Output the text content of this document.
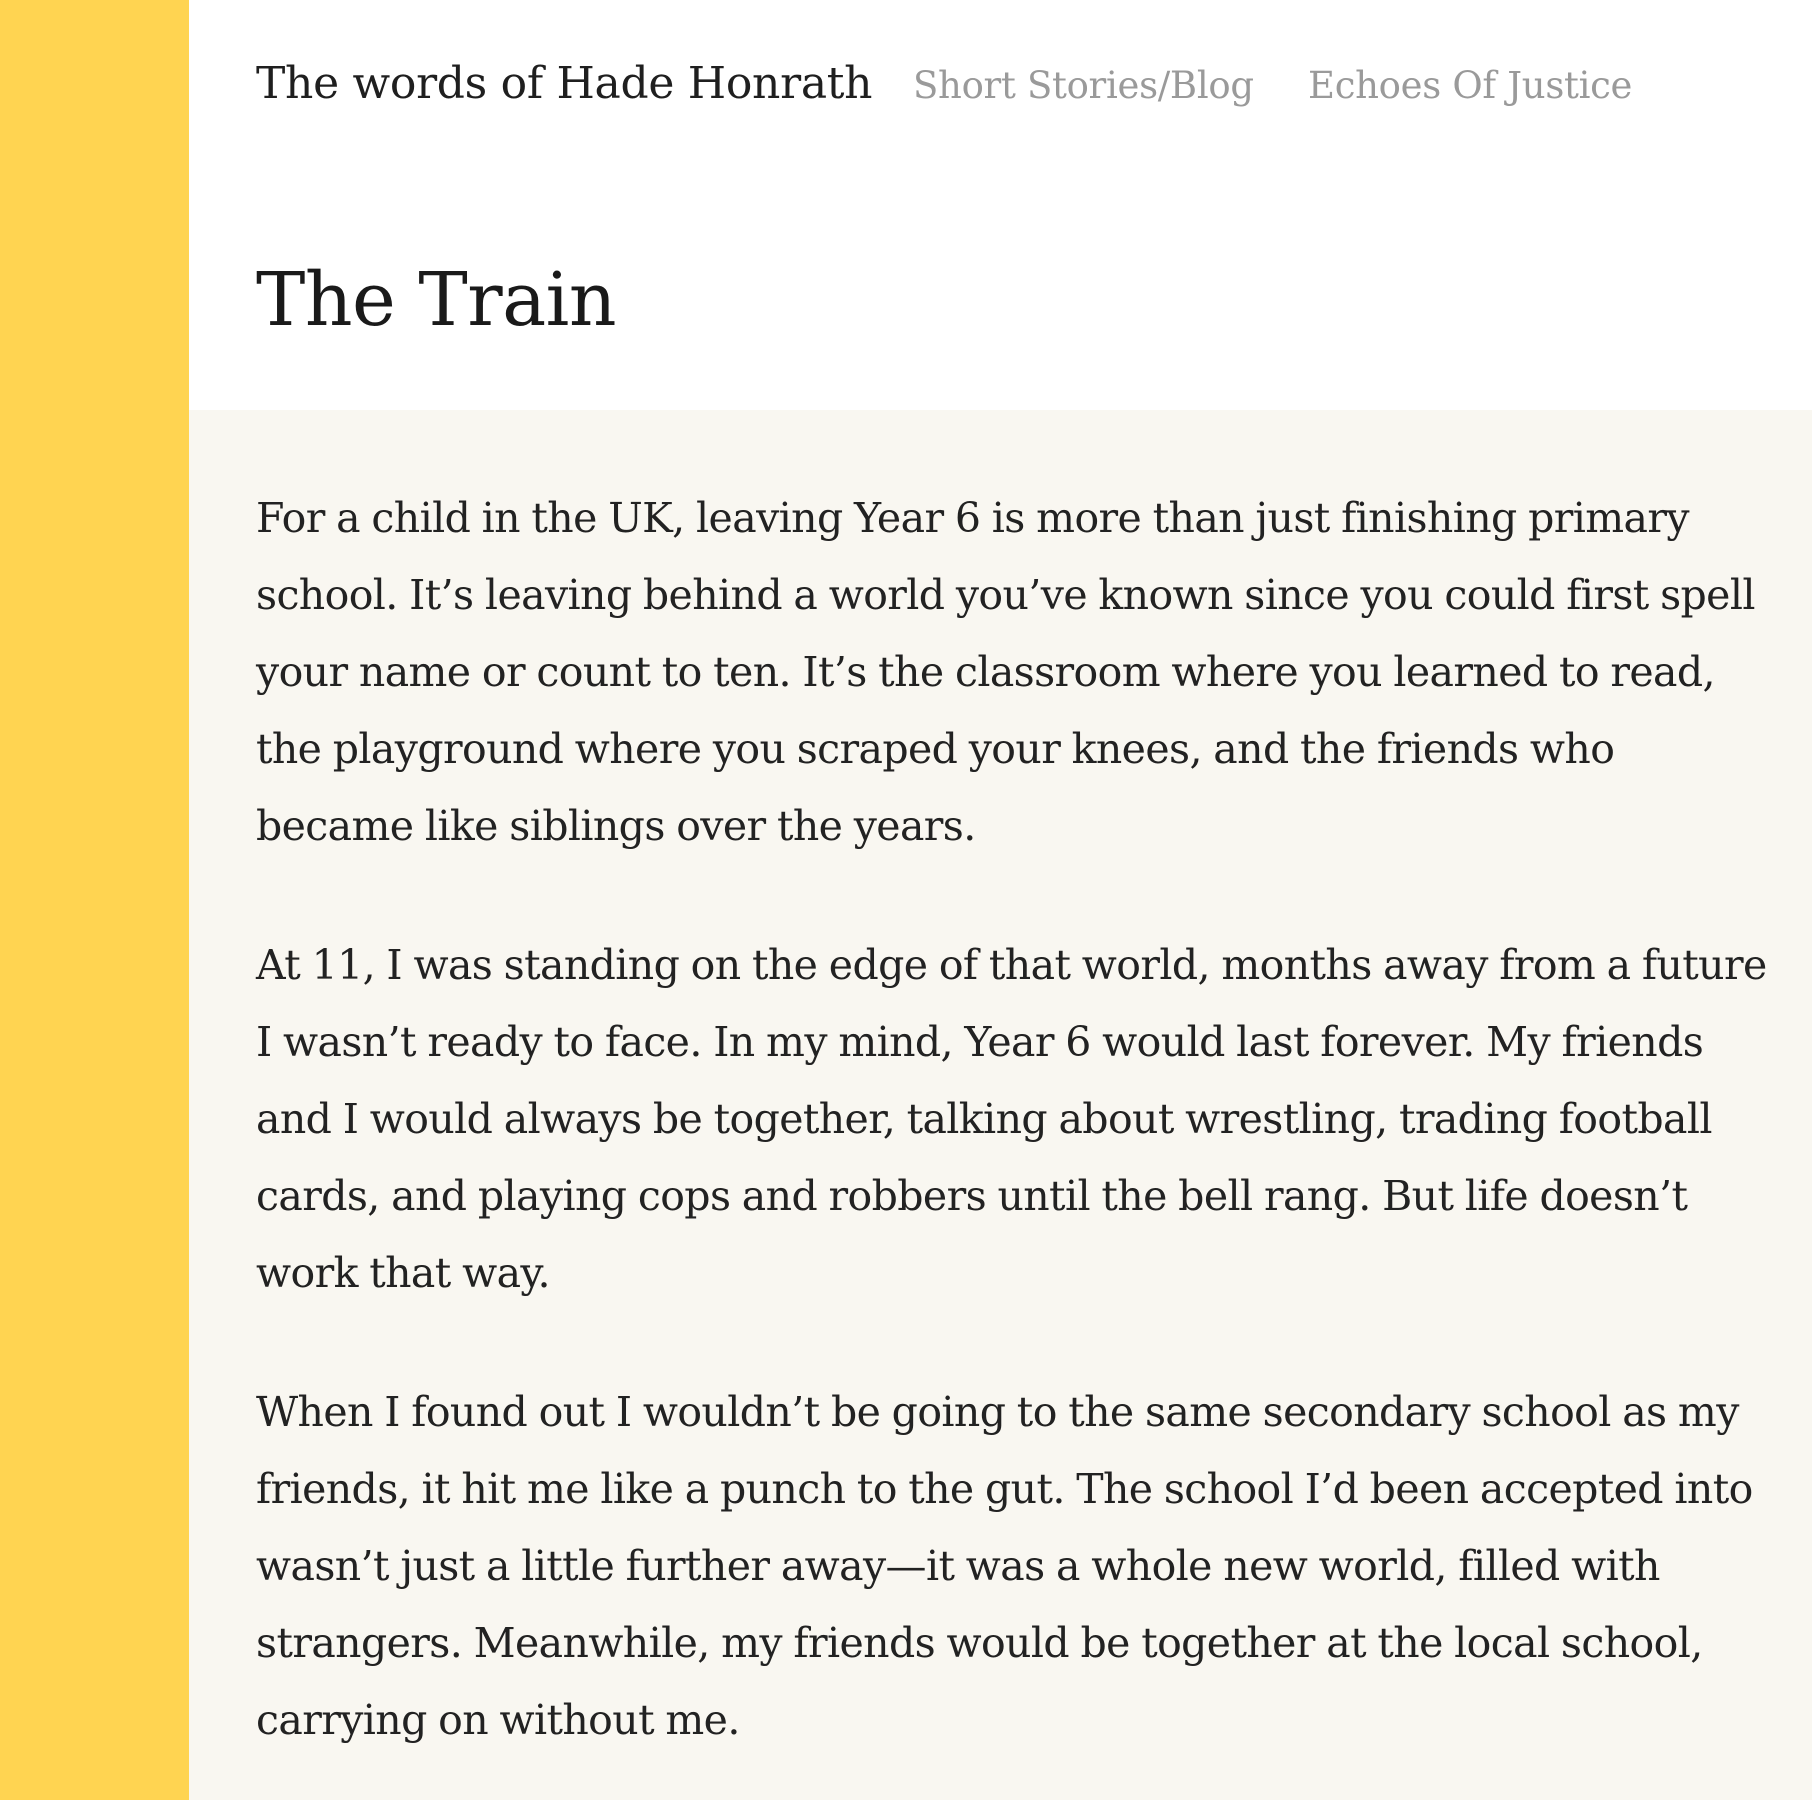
The words of Hade Honrath Short Stories/Blog Echoes Of Justice
The Train

For a child in the UK, leaving Year 6 is more than just finishing primary school. It’s leaving behind a world you’ve known since you could first spell your name or count to ten. It’s the classroom where you learned to read, the playground where you scraped your knees, and the friends who became like siblings over the years.

At 11, I was standing on the edge of that world, months away from a future I wasn’t ready to face. In my mind, Year 6 would last forever. My friends and I would always be together, talking about wrestling, trading football cards, and playing cops and robbers until the bell rang. But life doesn’t work that way.

When I found out I wouldn’t be going to the same secondary school as my friends, it hit me like a punch to the gut. The school I’d been accepted into wasn’t just a little further away—it was a whole new world, filled with strangers. Meanwhile, my friends would be together at the local school, carrying on without me.
